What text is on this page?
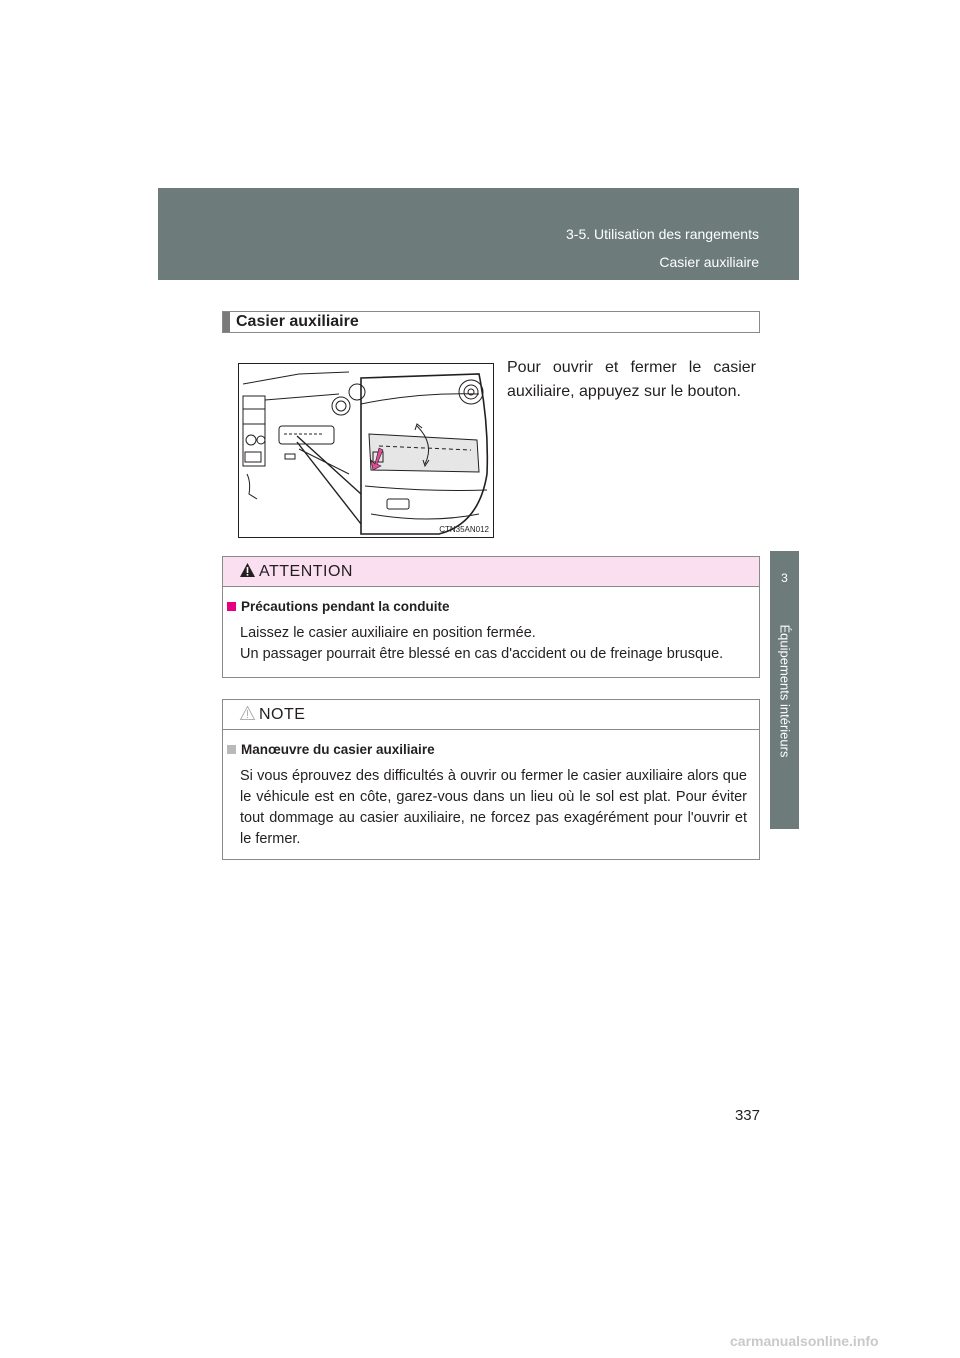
3-5. Utilisation des rangements
Casier auxiliaire
3
Équipements intérieurs
Casier auxiliaire
CTN35AN012
Pour ouvrir et fermer le casier auxiliaire, appuyez sur le bouton.
ATTENTION
Précautions pendant la conduite
Laissez le casier auxiliaire en position fermée.
Un passager pourrait être blessé en cas d'accident ou de freinage brusque.
NOTE
Manœuvre du casier auxiliaire
Si vous éprouvez des difficultés à ouvrir ou fermer le casier auxiliaire alors que le véhicule est en côte, garez-vous dans un lieu où le sol est plat. Pour éviter tout dommage au casier auxiliaire, ne forcez pas exagérément pour l'ouvrir et le fermer.
337
carmanualsonline.info
